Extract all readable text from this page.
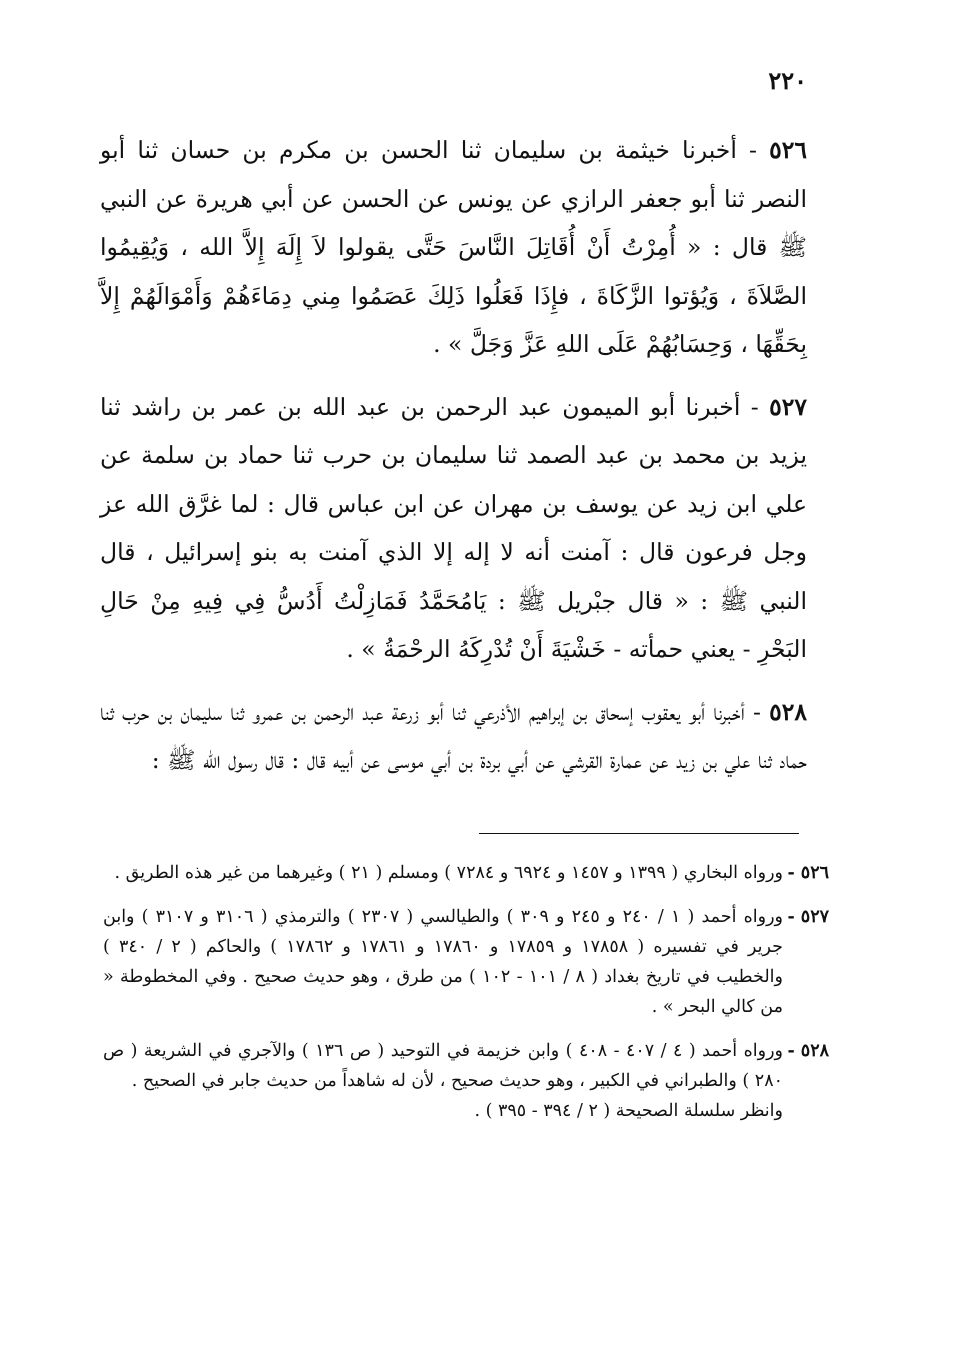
٢٢٠

٥٢٦ - أخبرنا خيثمة بن سليمان ثنا الحسن بن مكرم بن حسان ثنا أبو النصر ثنا أبو جعفر الرازي عن يونس عن الحسن عن أبي هريرة عن النبي ﷺ قال : « أُمِرْتُ أَنْ أُقَاتِلَ النَّاسَ حَتَّى يقولوا لاَ إِلَهَ إِلاَّ الله ، وَيُقِيمُوا الصَّلاَةَ ، وَيُؤتوا الزَّكَاةَ ، فإِذَا فَعَلُوا ذَلِكَ عَصَمُوا مِني دِمَاءَهُمْ وَأَمْوَالَهُمْ إِلاَّ بِحَقِّهَا ، وَحِسَابُهُمْ عَلَى اللهِ عَزَّ وَجَلَّ » .

٥٢٧ - أخبرنا أبو الميمون عبد الرحمن بن عبد الله بن عمر بن راشد ثنا يزيد بن محمد بن عبد الصمد ثنا سليمان بن حرب ثنا حماد بن سلمة عن علي ابن زيد عن يوسف بن مهران عن ابن عباس قال : لما غرَّق الله عز وجل فرعون قال : آمنت أنه لا إله إلا الذي آمنت به بنو إسرائيل ، قال النبي ﷺ : « قال جبْريل ﷺ : يَامُحَمَّدُ فَمَازِلْتُ أَدُسُّ فِي فِيهِ مِنْ حَالِ البَحْرِ - يعني حمأته - خَشْيَةَ أَنْ تُدْرِكَهُ الرحْمَةُ » .

٥٢٨ - أخبرنا أبو يعقوب إسحاق بن إبراهيم الأذرعي ثنا أبو زرعة عبد الرحمن بن عمرو ثنا سليمان بن حرب ثنا حماد ثنا علي بن زيد عن عمارة القرشي عن أبي بردة بن أبي موسى عن أبيه قال : قال رسول الله ﷺ :

٥٢٦ -
ورواه البخاري ( ١٣٩٩ و ١٤٥٧ و ٦٩٢٤ و ٧٢٨٤ ) ومسلم ( ٢١ ) وغيرهما من غير هذه الطريق .
٥٢٧ -
ورواه أحمد ( ١ / ٢٤٠ و ٢٤٥ و ٣٠٩ ) والطيالسي ( ٢٣٠٧ ) والترمذي ( ٣١٠٦ و ٣١٠٧ ) وابن جرير في تفسيره ( ١٧٨٥٨ و ١٧٨٥٩ و ١٧٨٦٠ و ١٧٨٦١ و ١٧٨٦٢ ) والحاكم ( ٢ / ٣٤٠ ) والخطيب في تاريخ بغداد ( ٨ / ١٠١ - ١٠٢ ) من طرق ، وهو حديث صحيح . وفي المخطوطة « من كالي البحر » .
٥٢٨ -
ورواه أحمد ( ٤ / ٤٠٧ - ٤٠٨ ) وابن خزيمة في التوحيد ( ص ١٣٦ ) والآجري في الشريعة ( ص ٢٨٠ ) والطبراني في الكبير ، وهو حديث صحيح ، لأن له شاهداً من حديث جابر في الصحيح .
وانظر سلسلة الصحيحة ( ٢ / ٣٩٤ - ٣٩٥ ) .
